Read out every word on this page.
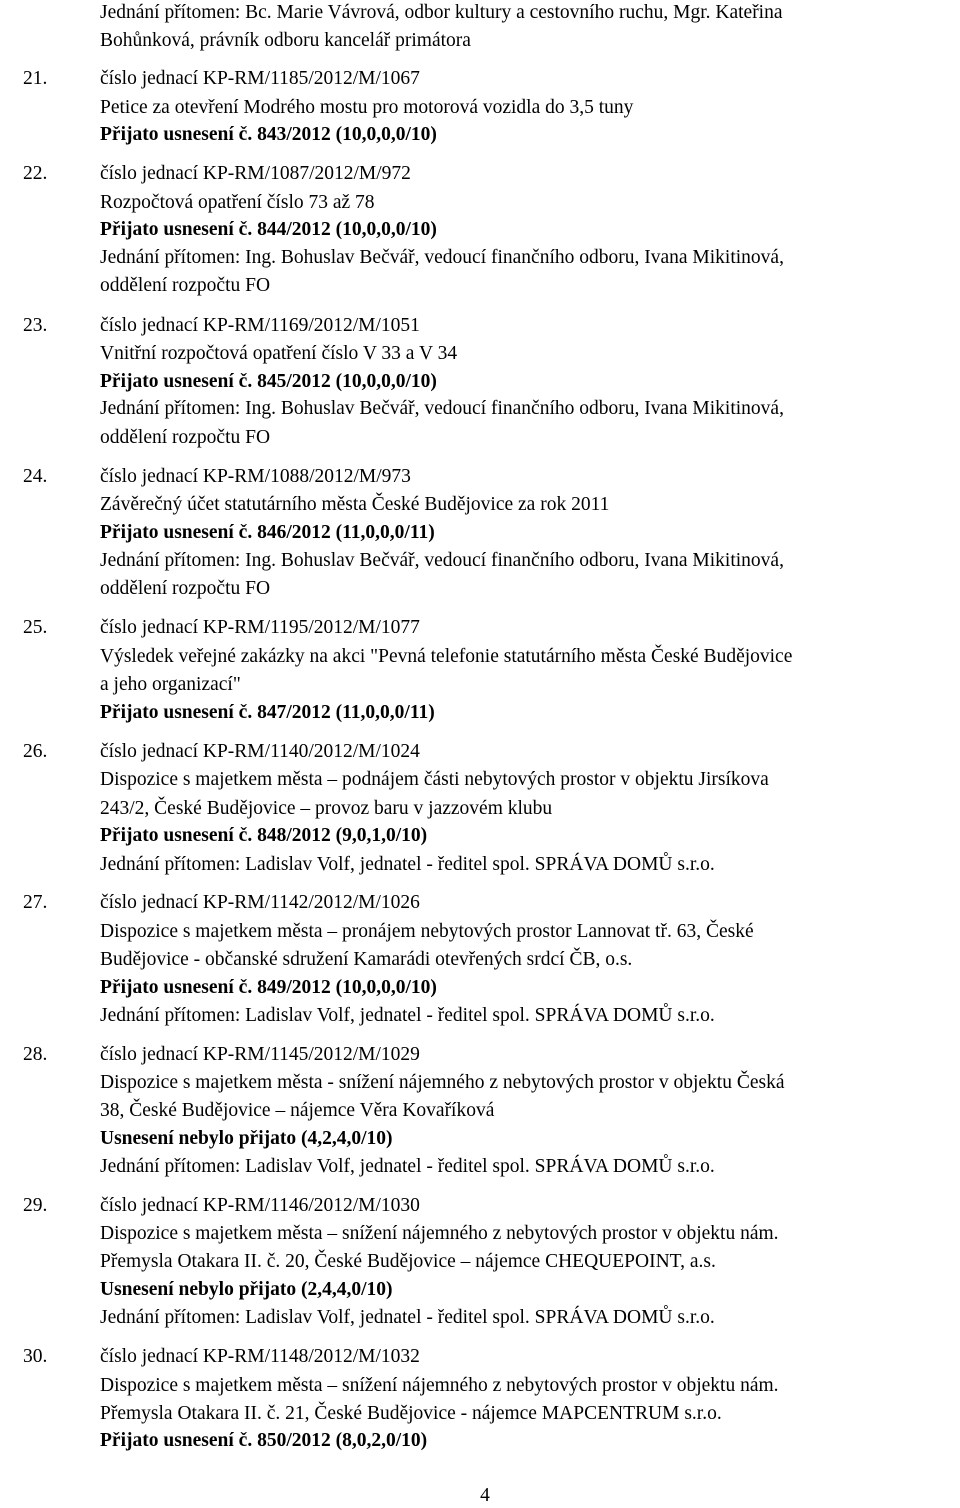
Jednání přítomen: Bc. Marie Vávrová, odbor kultury a cestovního ruchu, Mgr. Kateřina
Bohůnková, právník odboru kancelář primátora
21.	číslo jednací KP-RM/1185/2012/M/1067
Petice za otevření Modrého mostu pro motorová vozidla do 3,5 tuny
Přijato usnesení č. 843/2012 (10,0,0,0/10)
22.	číslo jednací KP-RM/1087/2012/M/972
Rozpočtová opatření číslo 73 až 78
Přijato usnesení č. 844/2012 (10,0,0,0/10)
Jednání přítomen: Ing. Bohuslav Bečvář, vedoucí finančního odboru, Ivana Mikitinová,
oddělení rozpočtu FO
23.	číslo jednací KP-RM/1169/2012/M/1051
Vnitřní rozpočtová opatření číslo V 33 a V 34
Přijato usnesení č. 845/2012 (10,0,0,0/10)
Jednání přítomen: Ing. Bohuslav Bečvář, vedoucí finančního odboru, Ivana Mikitinová,
oddělení rozpočtu FO
24.	číslo jednací KP-RM/1088/2012/M/973
Závěrečný účet statutárního města České Budějovice za rok 2011
Přijato usnesení č. 846/2012 (11,0,0,0/11)
Jednání přítomen: Ing. Bohuslav Bečvář, vedoucí finančního odboru, Ivana Mikitinová,
oddělení rozpočtu FO
25.	číslo jednací KP-RM/1195/2012/M/1077
Výsledek veřejné zakázky na akci "Pevná telefonie statutárního města České Budějovice
a jeho organizací"
Přijato usnesení č. 847/2012 (11,0,0,0/11)
26.	číslo jednací KP-RM/1140/2012/M/1024
Dispozice s majetkem města – podnájem části nebytových prostor v objektu Jirsíkova
243/2, České Budějovice – provoz baru v jazzovém klubu
Přijato usnesení č. 848/2012 (9,0,1,0/10)
Jednání přítomen: Ladislav Volf, jednatel - ředitel spol. SPRÁVA DOMŮ s.r.o.
27.	číslo jednací KP-RM/1142/2012/M/1026
Dispozice s majetkem města – pronájem nebytových prostor Lannovat tř. 63, České
Budějovice - občanské sdružení Kamarádi otevřených srdcí ČB, o.s.
Přijato usnesení č. 849/2012 (10,0,0,0/10)
Jednání přítomen: Ladislav Volf, jednatel - ředitel spol. SPRÁVA DOMŮ s.r.o.
28.	číslo jednací KP-RM/1145/2012/M/1029
Dispozice s majetkem města - snížení nájemného z nebytových prostor v objektu Česká
38, České Budějovice – nájemce Věra Kovaříková
Usnesení nebylo přijato (4,2,4,0/10)
Jednání přítomen: Ladislav Volf, jednatel - ředitel spol. SPRÁVA DOMŮ s.r.o.
29.	číslo jednací KP-RM/1146/2012/M/1030
Dispozice s majetkem města – snížení nájemného z nebytových prostor v objektu nám.
Přemysla Otakara II. č. 20, České Budějovice – nájemce CHEQUEPOINT, a.s.
Usnesení nebylo přijato (2,4,4,0/10)
Jednání přítomen: Ladislav Volf, jednatel - ředitel spol. SPRÁVA DOMŮ s.r.o.
30.	číslo jednací KP-RM/1148/2012/M/1032
Dispozice s majetkem města – snížení nájemného z nebytových prostor v objektu nám.
Přemysla Otakara II. č. 21, České Budějovice - nájemce MAPCENTRUM s.r.o.
Přijato usnesení č. 850/2012 (8,0,2,0/10)
4
